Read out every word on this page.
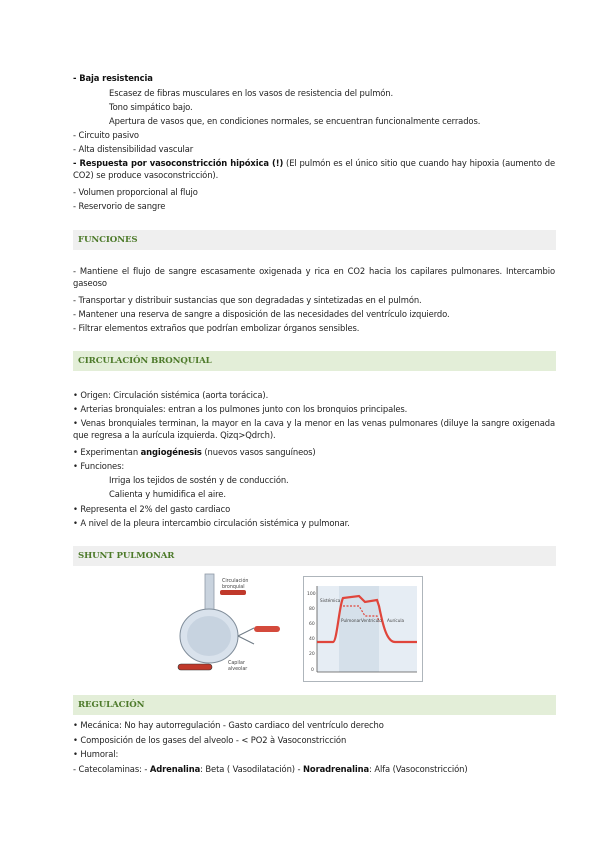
- Baja resistencia
Escasez de fibras musculares en los vasos de resistencia del pulmón.
Tono simpático bajo.
Apertura de vasos que, en condiciones normales, se encuentran funcionalmente cerrados.
- Circuito pasivo
- Alta distensibilidad vascular
- Respuesta por vasoconstricción hipóxica (!) (El pulmón es el único sitio que cuando hay hipoxia (aumento de CO2) se produce vasoconstricción).
- Volumen proporcional al flujo
- Reservorio de sangre
FUNCIONES
- Mantiene el flujo de sangre escasamente oxigenada y rica en CO2 hacia los capilares pulmonares. Intercambio gaseoso
- Transportar y distribuir sustancias que son degradadas y sintetizadas en el pulmón.
- Mantener una reserva de sangre a disposición de las necesidades del ventrículo izquierdo.
- Filtrar elementos extraños que podrían embolizar órganos sensibles.
CIRCULACIÓN BRONQUIAL
• Origen: Circulación sistémica (aorta torácica).
• Arterias bronquiales: entran a los pulmones junto con los bronquios principales.
• Venas bronquiales terminan, la mayor en la cava y la menor en las venas pulmonares (diluye la sangre oxigenada que regresa a la aurícula izquierda. Qizq>Qdrch).
• Experimentan angiogénesis (nuevos vasos sanguíneos)
• Funciones:
Irriga los tejidos de sostén y de conducción.
Calienta y humidifica el aire.
• Representa el 2% del gasto cardiaco
• A nivel de la pleura intercambio circulación sistémica y pulmonar.
SHUNT PULMONAR
Circulación
bronquial
Capilar
alveolar
100
80
60
40
20
0
Sistémica
Pulmonar Ventrículo Aurícula
REGULACIÓN
• Mecánica: No hay autorregulación - Gasto cardiaco del ventrículo derecho
• Composición de los gases del alveolo - < PO2 à Vasoconstricción
• Humoral:
- Catecolaminas: - Adrenalina: Beta ( Vasodilatación) - Noradrenalina: Alfa (Vasoconstricción)
